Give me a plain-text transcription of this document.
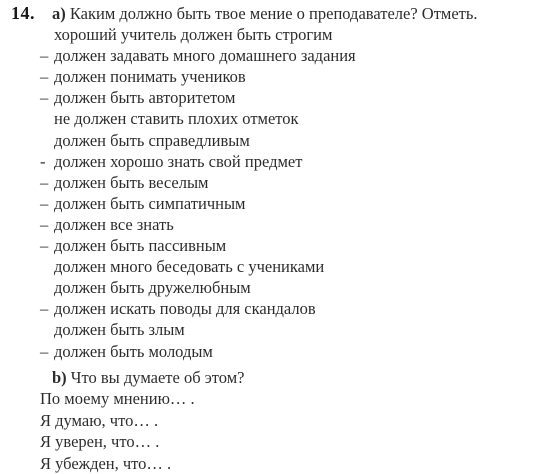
14. a) Каким должно быть твое мение о преподавателе? Отметь.
хороший учитель должен быть строгим
– должен задавать много домашнего задания
– должен понимать учеников
– должен быть авторитетом
не должен ставить плохих отметок
должен быть справедливым
- должен хорошо знать свой предмет
– должен быть веселым
– должен быть симпатичным
– должен все знать
– должен быть пассивным
должен много беседовать с учениками
должен быть дружелюбным
– должен искать поводы для скандалов
должен быть злым
– должен быть молодым
b) Что вы думаете об этом?
По моему мнению… .
Я думаю, что… .
Я уверен, что… .
Я убежден, что… .
